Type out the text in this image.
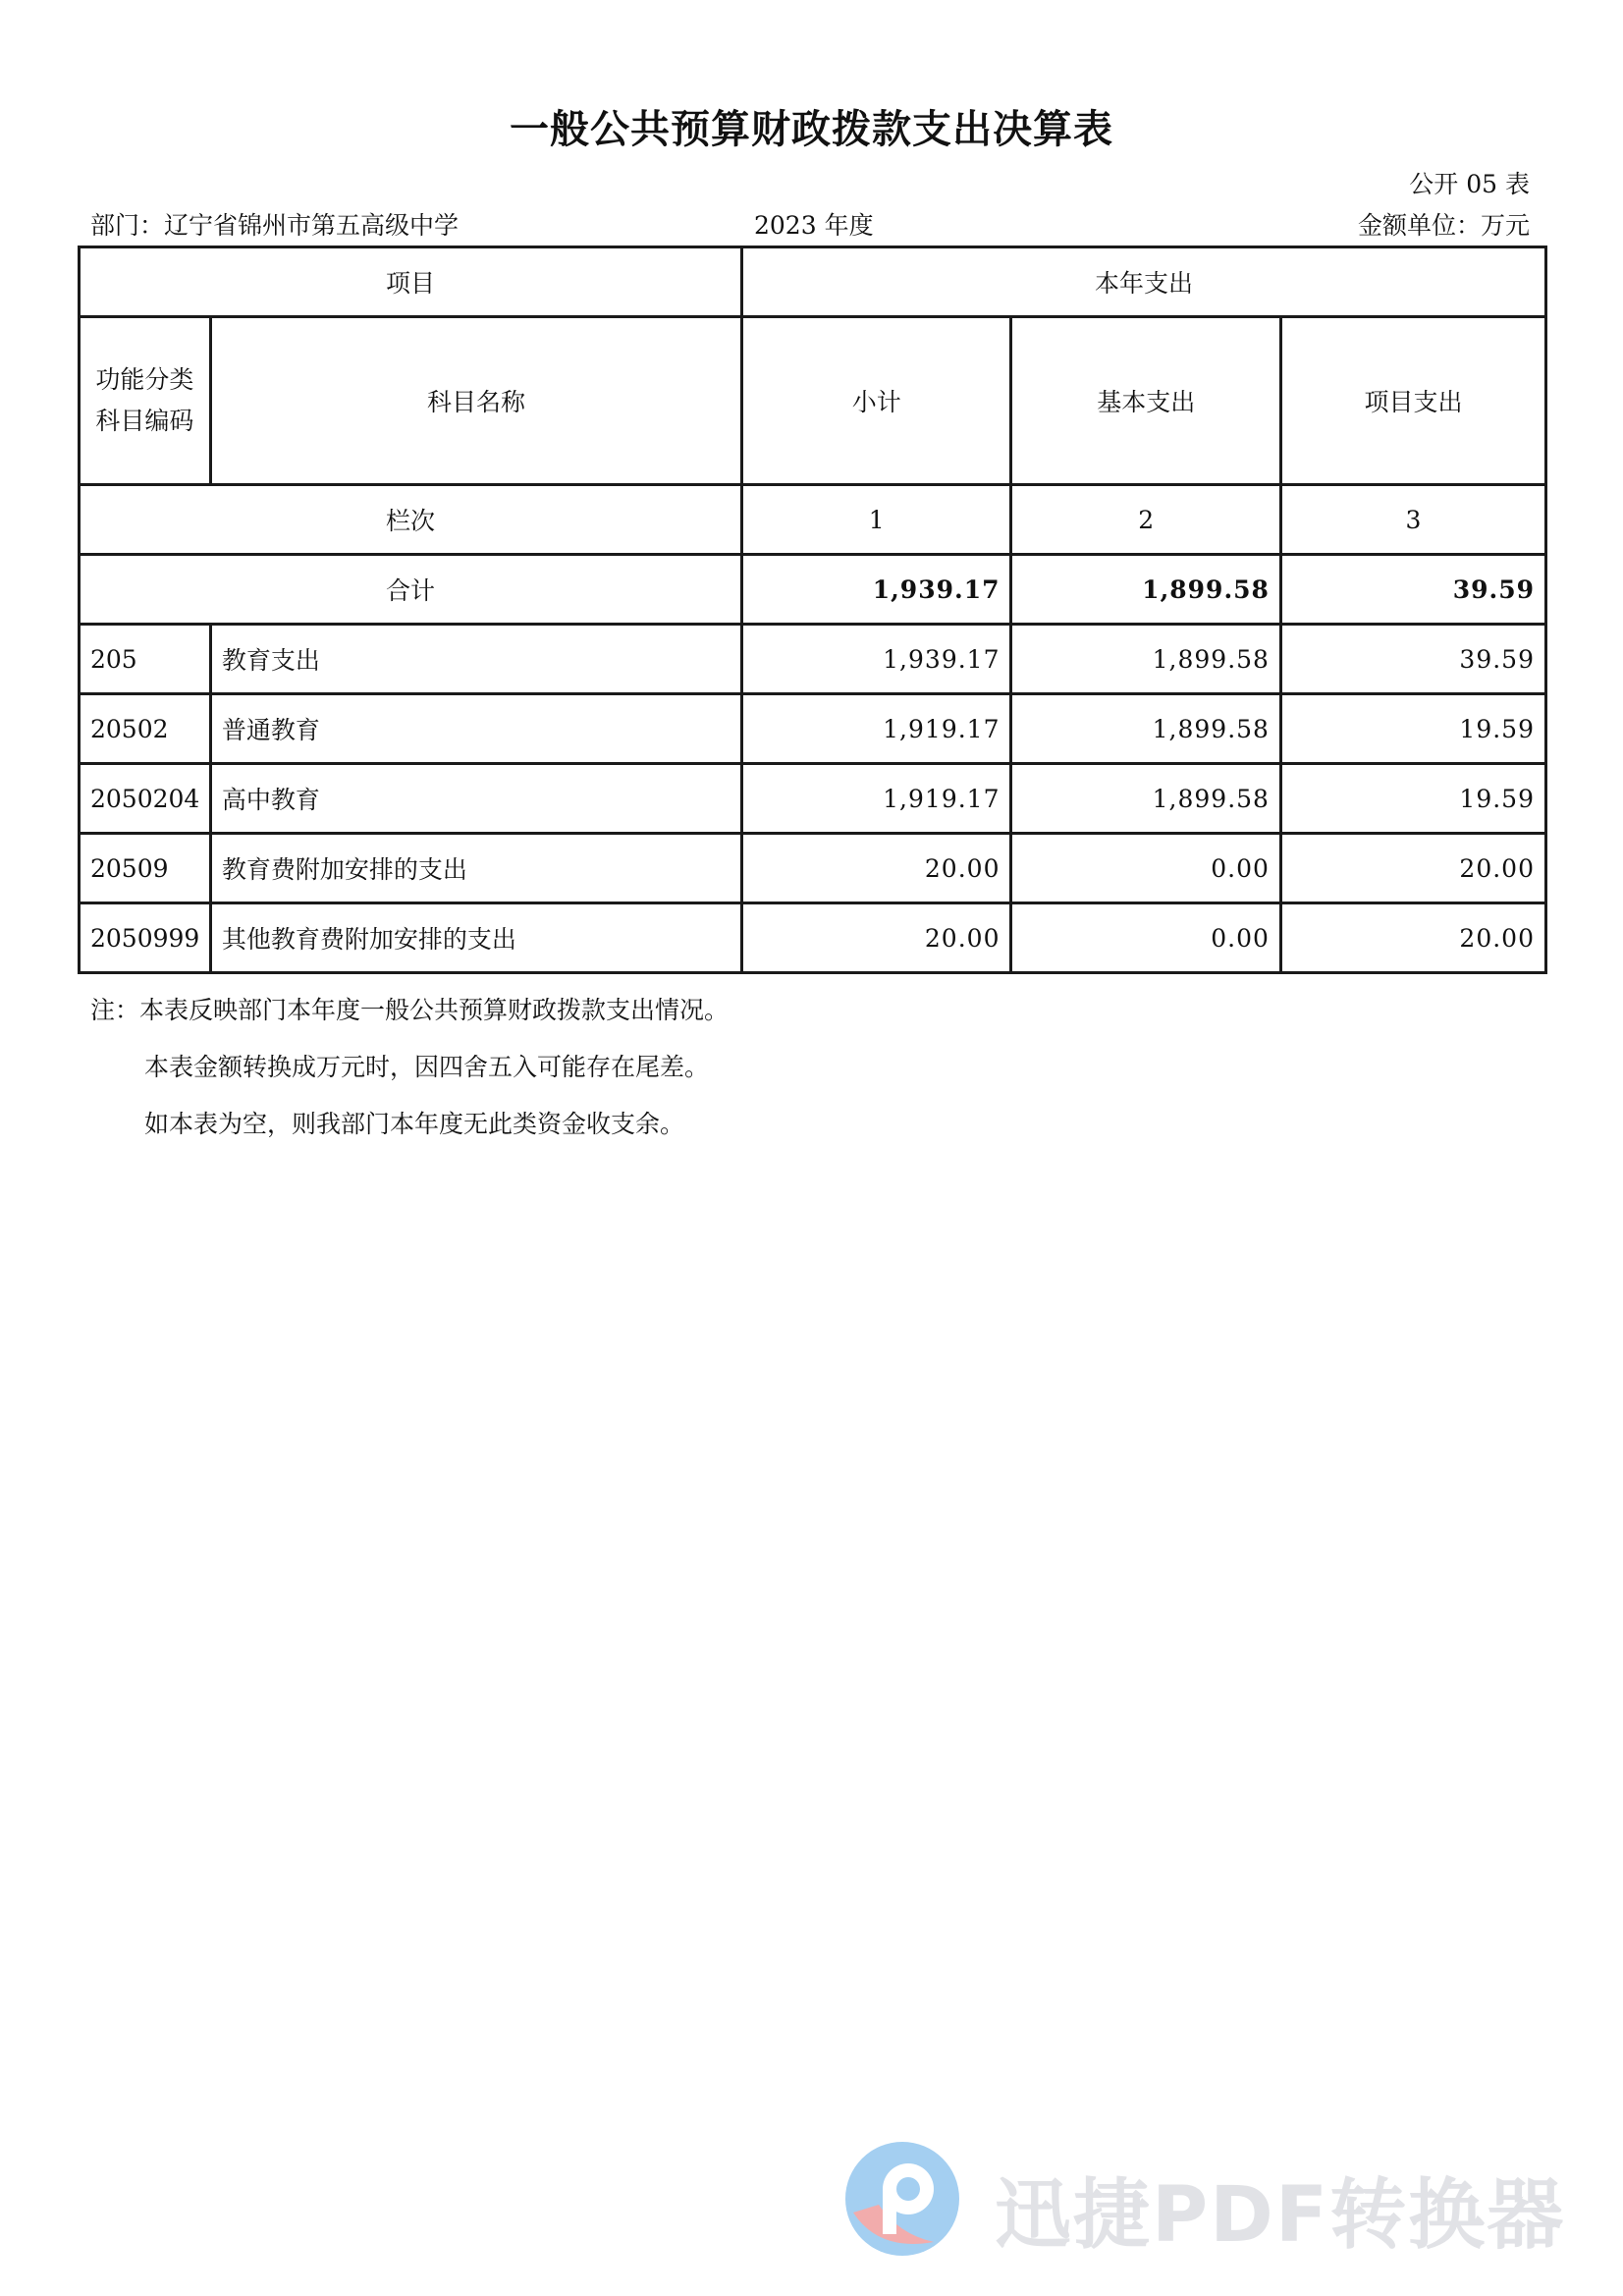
一般公共预算财政拨款支出决算表
公开 05 表
部门：辽宁省锦州市第五高级中学	2023 年度	金额单位：万元
项目		本年支出		

功能分类
科目编码	科目名称	小计	基本支出	项目支出
栏次		1	2	3
合计		1,939.17	1,899.58	39.59
205	教育支出	1,939.17	1,899.58	39.59
20502	普通教育	1,919.17	1,899.58	19.59
2050204	高中教育	1,919.17	1,899.58	19.59
20509	教育费附加安排的支出	20.00	0.00	20.00
2050999	其他教育费附加安排的支出	20.00	0.00	20.00
注：本表反映部门本年度一般公共预算财政拨款支出情况。
本表金额转换成万元时，因四舍五入可能存在尾差。
如本表为空，则我部门本年度无此类资金收支余。
迅捷PDF转换器
